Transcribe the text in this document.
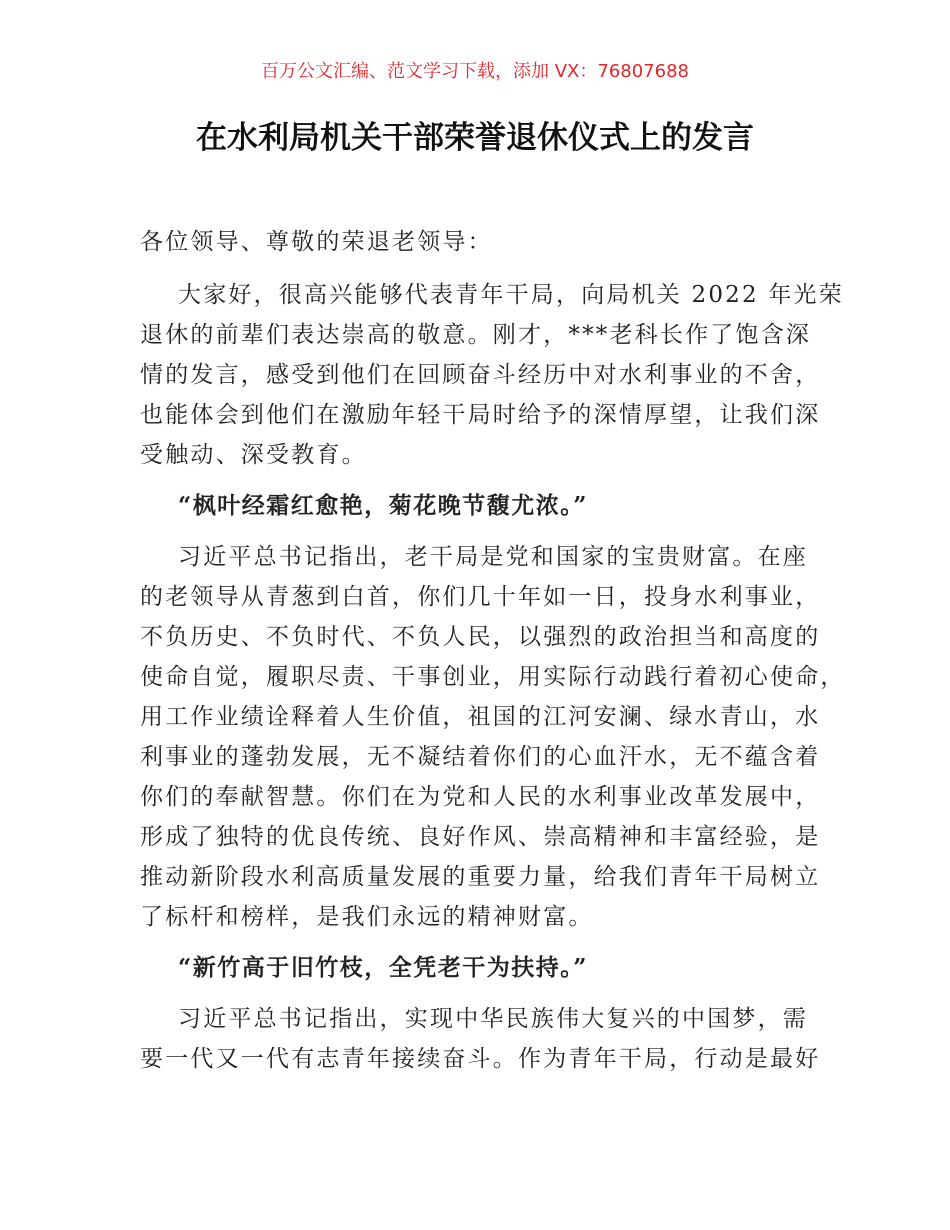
百万公文汇编、范文学习下载，添加 VX：76807688
在水利局机关干部荣誉退休仪式上的发言
各位领导、尊敬的荣退老领导：
大家好，很高兴能够代表青年干局，向局机关 2022 年光荣
退休的前辈们表达崇高的敬意。刚才，***老科长作了饱含深
情的发言，感受到他们在回顾奋斗经历中对水利事业的不舍，
也能体会到他们在激励年轻干局时给予的深情厚望，让我们深
受触动、深受教育。
“枫叶经霜红愈艳，菊花晚节馥尤浓。”
习近平总书记指出，老干局是党和国家的宝贵财富。在座
的老领导从青葱到白首，你们几十年如一日，投身水利事业，
不负历史、不负时代、不负人民，以强烈的政治担当和高度的
使命自觉，履职尽责、干事创业，用实际行动践行着初心使命，
用工作业绩诠释着人生价值，祖国的江河安澜、绿水青山，水
利事业的蓬勃发展，无不凝结着你们的心血汗水，无不蕴含着
你们的奉献智慧。你们在为党和人民的水利事业改革发展中，
形成了独特的优良传统、良好作风、崇高精神和丰富经验，是
推动新阶段水利高质量发展的重要力量，给我们青年干局树立
了标杆和榜样，是我们永远的精神财富。
“新竹高于旧竹枝，全凭老干为扶持。”
习近平总书记指出，实现中华民族伟大复兴的中国梦，需
要一代又一代有志青年接续奋斗。作为青年干局，行动是最好
